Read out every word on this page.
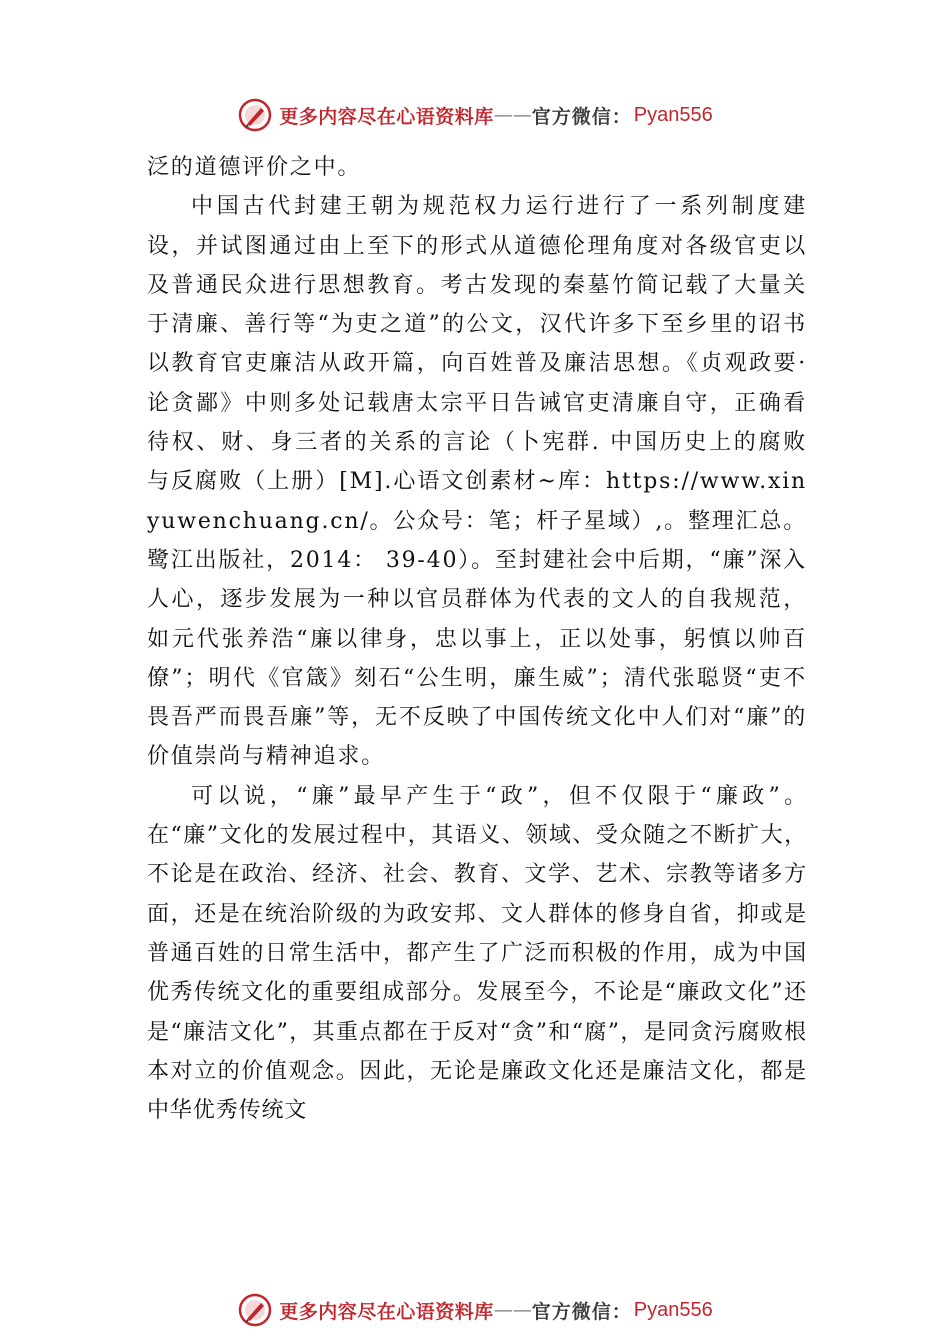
更多内容尽在心语资料库 —— 官方微信： Pyan556

泛的道德评价之中。

中国古代封建王朝为规范权力运行进行了一系列制度建设，并试图通过由上至下的形式从道德伦理角度对各级官吏以及普通民众进行思想教育。考古发现的秦墓竹简记载了大量关于清廉、善行等“为吏之道”的公文，汉代许多下至乡里的诏书以教育官吏廉洁从政开篇，向百姓普及廉洁思想。《贞观政要·论贪鄙》中则多处记载唐太宗平日告诫官吏清廉自守，正确看待权、财、身三者的关系的言论（卜宪群. 中国历史上的腐败与反腐败（上册）[M].心语文创素材~库：https://www.xinyuwenchuang.cn/。公众号：笔；杆子星域）,。整理汇总。鹭江出版社，2014： 39-40）。至封建社会中后期，“廉”深入人心，逐步发展为一种以官员群体为代表的文人的自我规范，如元代张养浩“廉以律身，忠以事上，正以处事，躬慎以帅百僚”；明代《官箴》刻石“公生明，廉生威”；清代张聪贤“吏不畏吾严而畏吾廉”等，无不反映了中国传统文化中人们对“廉”的价值崇尚与精神追求。

可以说，“廉”最早产生于“政”，但不仅限于“廉政”。在“廉”文化的发展过程中，其语义、领域、受众随之不断扩大，不论是在政治、经济、社会、教育、文学、艺术、宗教等诸多方面，还是在统治阶级的为政安邦、文人群体的修身自省，抑或是普通百姓的日常生活中，都产生了广泛而积极的作用，成为中国优秀传统文化的重要组成部分。发展至今，不论是“廉政文化”还是“廉洁文化”，其重点都在于反对“贪”和“腐”，是同贪污腐败根本对立的价值观念。因此，无论是廉政文化还是廉洁文化，都是中华优秀传统文

更多内容尽在心语资料库 —— 官方微信： Pyan556
